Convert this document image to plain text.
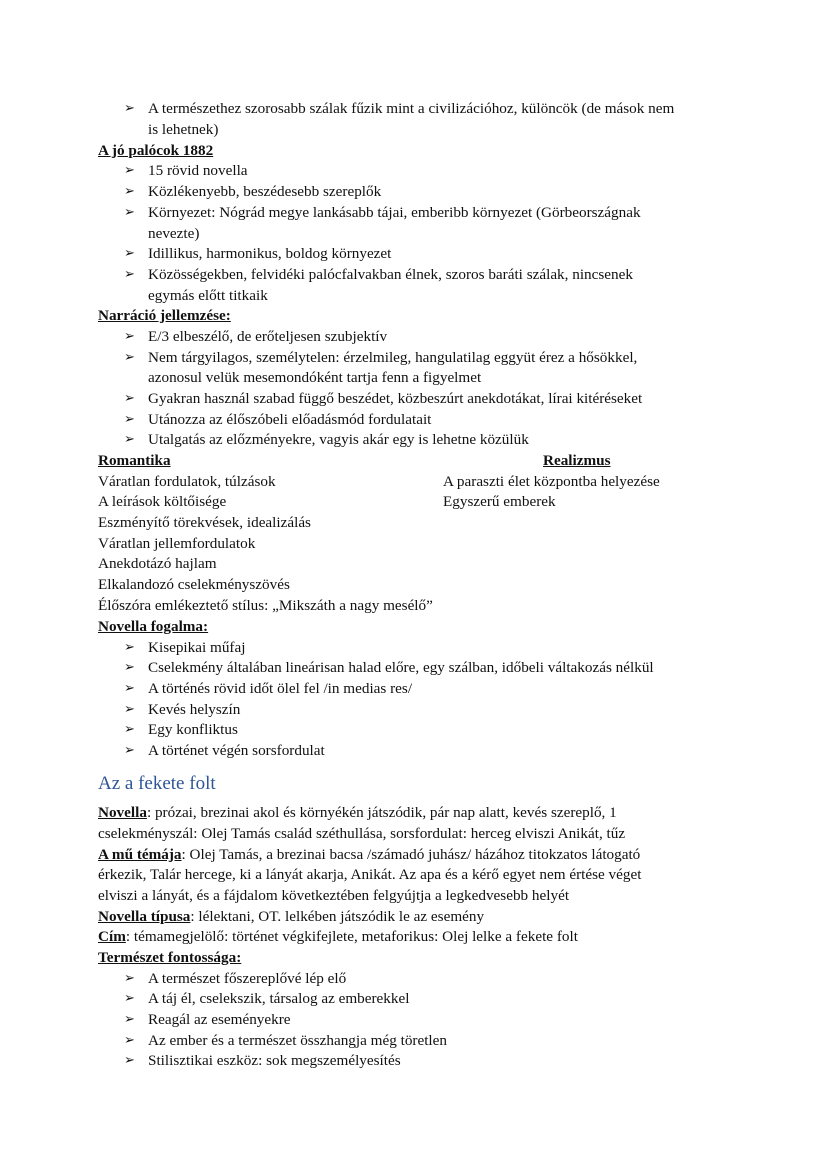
➢ A természethez szorosabb szálak fűzik mint a civilizációhoz, különcök (de mások nem
is lehetnek)
A jó palócok 1882
➢ 15 rövid novella
➢ Közlékenyebb, beszédesebb szereplők
➢ Környezet: Nógrád megye lankásabb tájai, emberibb környezet (Görbeországnak
nevezte)
➢ Idillikus, harmonikus, boldog környezet
➢ Közösségekben, felvidéki palócfalvakban élnek, szoros baráti szálak, nincsenek
egymás előtt titkaik
Narráció jellemzése:
➢ E/3 elbeszélő, de erőteljesen szubjektív
➢ Nem tárgyilagos, személytelen: érzelmileg, hangulatilag eggyüt érez a hősökkel,
azonosul velük mesemondóként tartja fenn a figyelmet
➢ Gyakran használ szabad függő beszédet, közbeszúrt anekdotákat, lírai kitéréseket
➢ Utánozza az élőszóbeli előadásmód fordulatait
➢ Utalgatás az előzményekre, vagyis akár egy is lehetne közülük
Romantika	Realizmus
Váratlan fordulatok, túlzások	A paraszti élet központba helyezése
A leírások költőisége	Egyszerű emberek
Eszményítő törekvések, idealizálás
Váratlan jellemfordulatok
Anekdotázó hajlam
Elkalandozó cselekményszövés
Élőszóra emlékeztető stílus: „Mikszáth a nagy mesélő”
Novella fogalma:
➢ Kisepikai műfaj
➢ Cselekmény általában lineárisan halad előre, egy szálban, időbeli váltakozás nélkül
➢ A történés rövid időt ölel fel /in medias res/
➢ Kevés helyszín
➢ Egy konfliktus
➢ A történet végén sorsfordulat
Az a fekete folt
Novella: prózai, brezinai akol és környékén játszódik, pár nap alatt, kevés szereplő, 1
cselekményszál: Olej Tamás család széthullása, sorsfordulat: herceg elviszi Anikát, tűz
A mű témája: Olej Tamás, a brezinai bacsa /számadó juhász/ házához titokzatos látogató
érkezik, Talár hercege, ki a lányát akarja, Anikát. Az apa és a kérő egyet nem értése véget
elviszi a lányát, és a fájdalom következtében felgyújtja a legkedvesebb helyét
Novella típusa: lélektani, OT. lelkében játszódik le az esemény
Cím: témamegjelölő: történet végkifejlete, metaforikus: Olej lelke a fekete folt
Természet fontossága:
➢ A természet főszereplővé lép elő
➢ A táj él, cselekszik, társalog az emberekkel
➢ Reagál az eseményekre
➢ Az ember és a természet összhangja még töretlen
➢ Stilisztikai eszköz: sok megszemélyesítés
